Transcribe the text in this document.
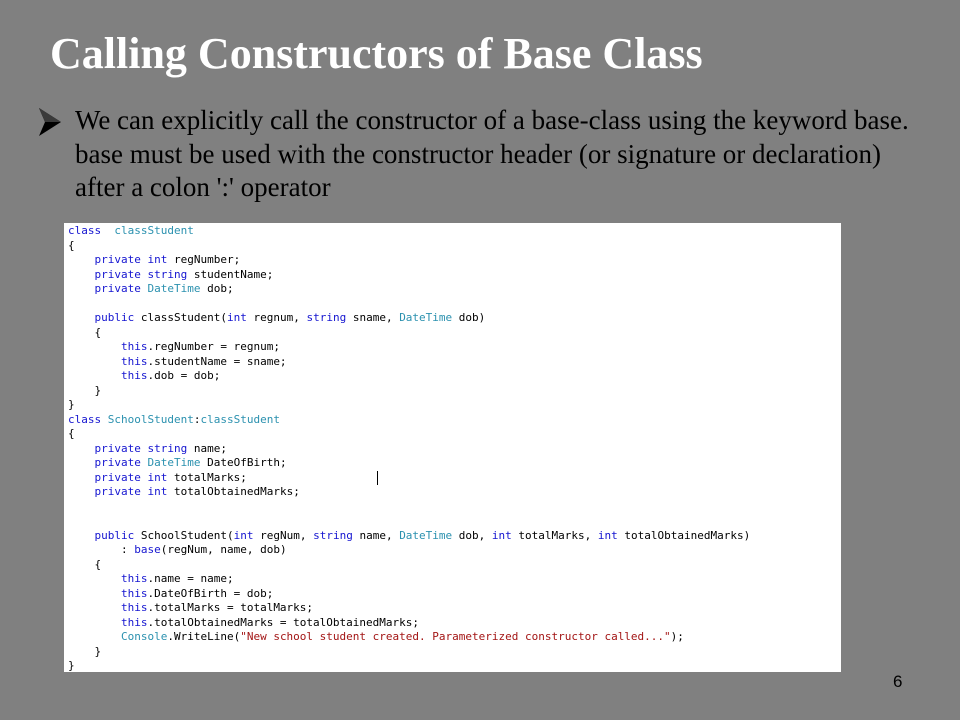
Calling Constructors of Base Class

We can explicitly call the constructor of a base-class using the keyword base. base must be used with the constructor header (or signature or declaration) after a colon ':' operator

class classStudent
{
private int regNumber;
private string studentName;
private DateTime dob;
public classStudent(int regnum, string sname, DateTime dob)
{
this.regNumber = regnum;
this.studentName = sname;
this.dob = dob;
}
}
class SchoolStudent:classStudent
{
private string name;
private DateTime DateOfBirth;
private int totalMarks;
private int totalObtainedMarks;
public SchoolStudent(int regNum, string name, DateTime dob, int totalMarks, int totalObtainedMarks)
: base(regNum, name, dob)
{
this.name = name;
this.DateOfBirth = dob;
this.totalMarks = totalMarks;
this.totalObtainedMarks = totalObtainedMarks;
Console.WriteLine("New school student created. Parameterized constructor called...");
}
}
6
